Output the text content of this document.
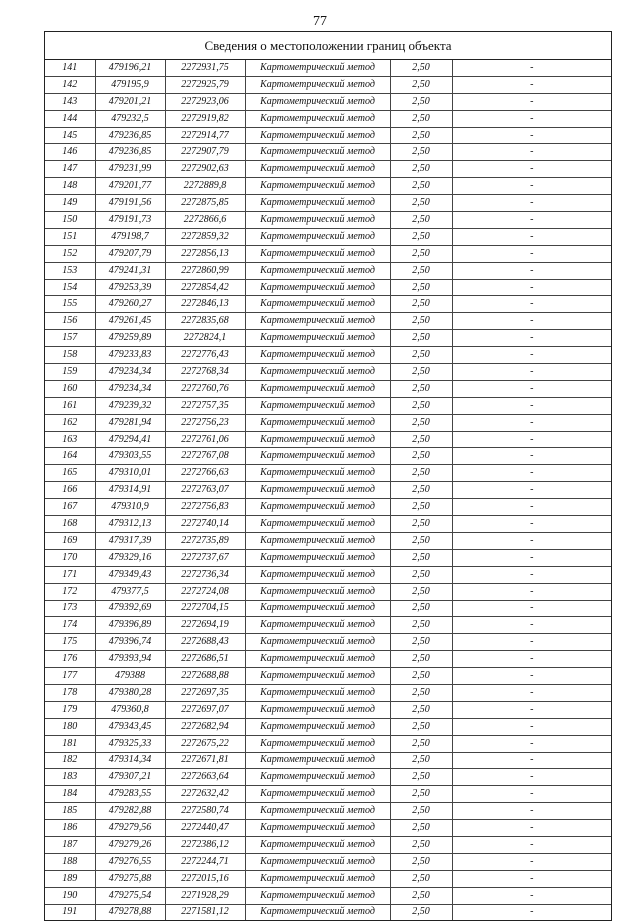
77
Сведения о местоположении границ объекта
141	479196,21	2272931,75	Картометрический метод	2,50	-
142	479195,9	2272925,79	Картометрический метод	2,50	-
143	479201,21	2272923,06	Картометрический метод	2,50	-
144	479232,5	2272919,82	Картометрический метод	2,50	-
145	479236,85	2272914,77	Картометрический метод	2,50	-
146	479236,85	2272907,79	Картометрический метод	2,50	-
147	479231,99	2272902,63	Картометрический метод	2,50	-
148	479201,77	2272889,8	Картометрический метод	2,50	-
149	479191,56	2272875,85	Картометрический метод	2,50	-
150	479191,73	2272866,6	Картометрический метод	2,50	-
151	479198,7	2272859,32	Картометрический метод	2,50	-
152	479207,79	2272856,13	Картометрический метод	2,50	-
153	479241,31	2272860,99	Картометрический метод	2,50	-
154	479253,39	2272854,42	Картометрический метод	2,50	-
155	479260,27	2272846,13	Картометрический метод	2,50	-
156	479261,45	2272835,68	Картометрический метод	2,50	-
157	479259,89	2272824,1	Картометрический метод	2,50	-
158	479233,83	2272776,43	Картометрический метод	2,50	-
159	479234,34	2272768,34	Картометрический метод	2,50	-
160	479234,34	2272760,76	Картометрический метод	2,50	-
161	479239,32	2272757,35	Картометрический метод	2,50	-
162	479281,94	2272756,23	Картометрический метод	2,50	-
163	479294,41	2272761,06	Картометрический метод	2,50	-
164	479303,55	2272767,08	Картометрический метод	2,50	-
165	479310,01	2272766,63	Картометрический метод	2,50	-
166	479314,91	2272763,07	Картометрический метод	2,50	-
167	479310,9	2272756,83	Картометрический метод	2,50	-
168	479312,13	2272740,14	Картометрический метод	2,50	-
169	479317,39	2272735,89	Картометрический метод	2,50	-
170	479329,16	2272737,67	Картометрический метод	2,50	-
171	479349,43	2272736,34	Картометрический метод	2,50	-
172	479377,5	2272724,08	Картометрический метод	2,50	-
173	479392,69	2272704,15	Картометрический метод	2,50	-
174	479396,89	2272694,19	Картометрический метод	2,50	-
175	479396,74	2272688,43	Картометрический метод	2,50	-
176	479393,94	2272686,51	Картометрический метод	2,50	-
177	479388	2272688,88	Картометрический метод	2,50	-
178	479380,28	2272697,35	Картометрический метод	2,50	-
179	479360,8	2272697,07	Картометрический метод	2,50	-
180	479343,45	2272682,94	Картометрический метод	2,50	-
181	479325,33	2272675,22	Картометрический метод	2,50	-
182	479314,34	2272671,81	Картометрический метод	2,50	-
183	479307,21	2272663,64	Картометрический метод	2,50	-
184	479283,55	2272632,42	Картометрический метод	2,50	-
185	479282,88	2272580,74	Картометрический метод	2,50	-
186	479279,56	2272440,47	Картометрический метод	2,50	-
187	479279,26	2272386,12	Картометрический метод	2,50	-
188	479276,55	2272244,71	Картометрический метод	2,50	-
189	479275,88	2272015,16	Картометрический метод	2,50	-
190	479275,54	2271928,29	Картометрический метод	2,50	-
191	479278,88	2271581,12	Картометрический метод	2,50	-
